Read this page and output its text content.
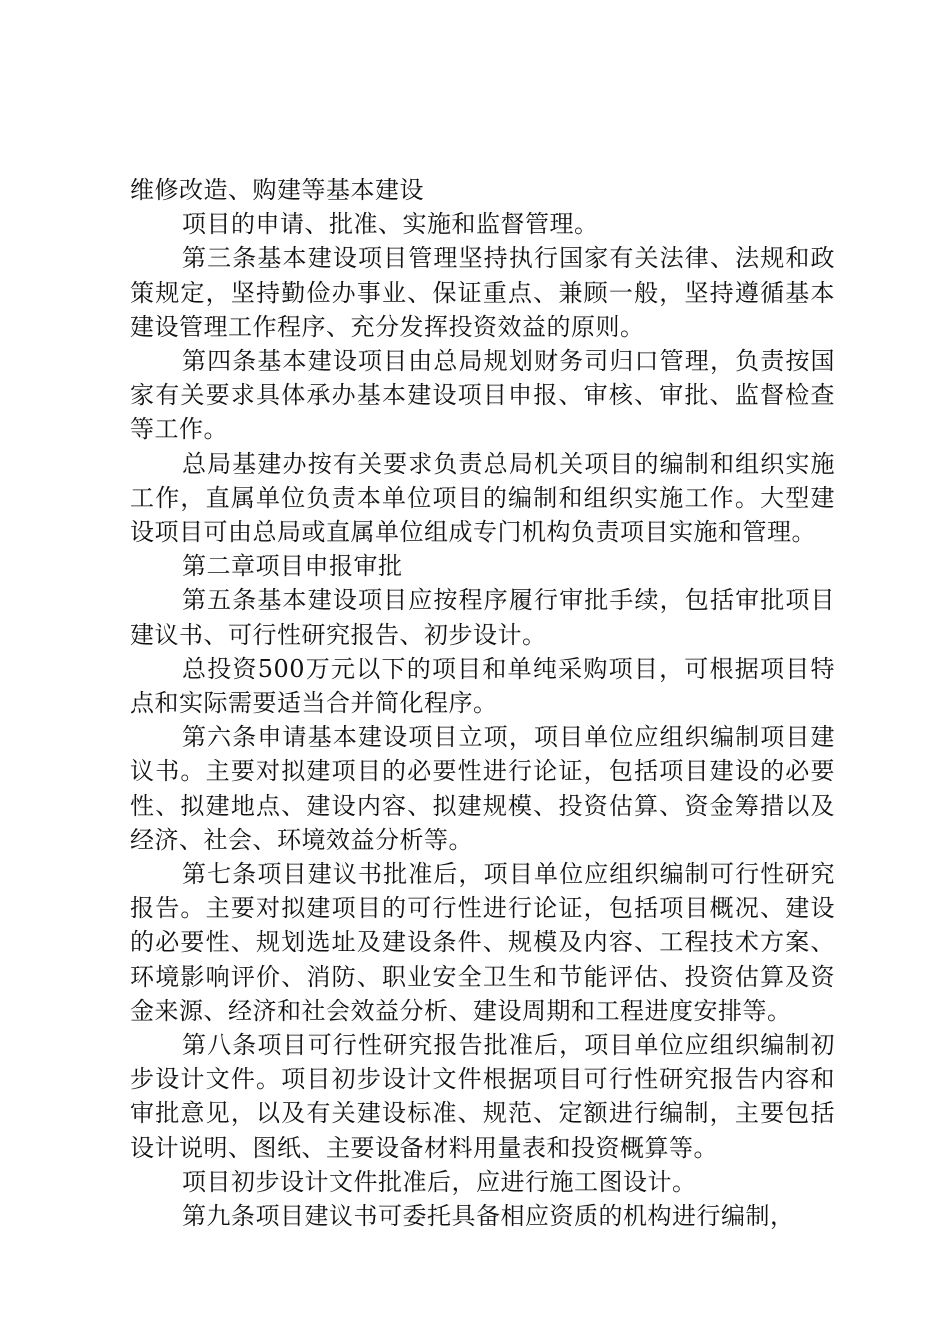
维修改造、购建等基本建设

项目的申请、批准、实施和监督管理。

第三条基本建设项目管理坚持执行国家有关法律、法规和政策规定，坚持勤俭办事业、保证重点、兼顾一般，坚持遵循基本建设管理工作程序、充分发挥投资效益的原则。

第四条基本建设项目由总局规划财务司归口管理，负责按国家有关要求具体承办基本建设项目申报、审核、审批、监督检查等工作。

总局基建办按有关要求负责总局机关项目的编制和组织实施工作，直属单位负责本单位项目的编制和组织实施工作。大型建设项目可由总局或直属单位组成专门机构负责项目实施和管理。

第二章项目申报审批

第五条基本建设项目应按程序履行审批手续，包括审批项目建议书、可行性研究报告、初步设计。

总投资500万元以下的项目和单纯采购项目，可根据项目特点和实际需要适当合并简化程序。

第六条申请基本建设项目立项，项目单位应组织编制项目建议书。主要对拟建项目的必要性进行论证，包括项目建设的必要性、拟建地点、建设内容、拟建规模、投资估算、资金筹措以及经济、社会、环境效益分析等。

第七条项目建议书批准后，项目单位应组织编制可行性研究报告。主要对拟建项目的可行性进行论证，包括项目概况、建设的必要性、规划选址及建设条件、规模及内容、工程技术方案、环境影响评价、消防、职业安全卫生和节能评估、投资估算及资金来源、经济和社会效益分析、建设周期和工程进度安排等。

第八条项目可行性研究报告批准后，项目单位应组织编制初步设计文件。项目初步设计文件根据项目可行性研究报告内容和审批意见，以及有关建设标准、规范、定额进行编制，主要包括设计说明、图纸、主要设备材料用量表和投资概算等。

项目初步设计文件批准后，应进行施工图设计。

第九条项目建议书可委托具备相应资质的机构进行编制，
